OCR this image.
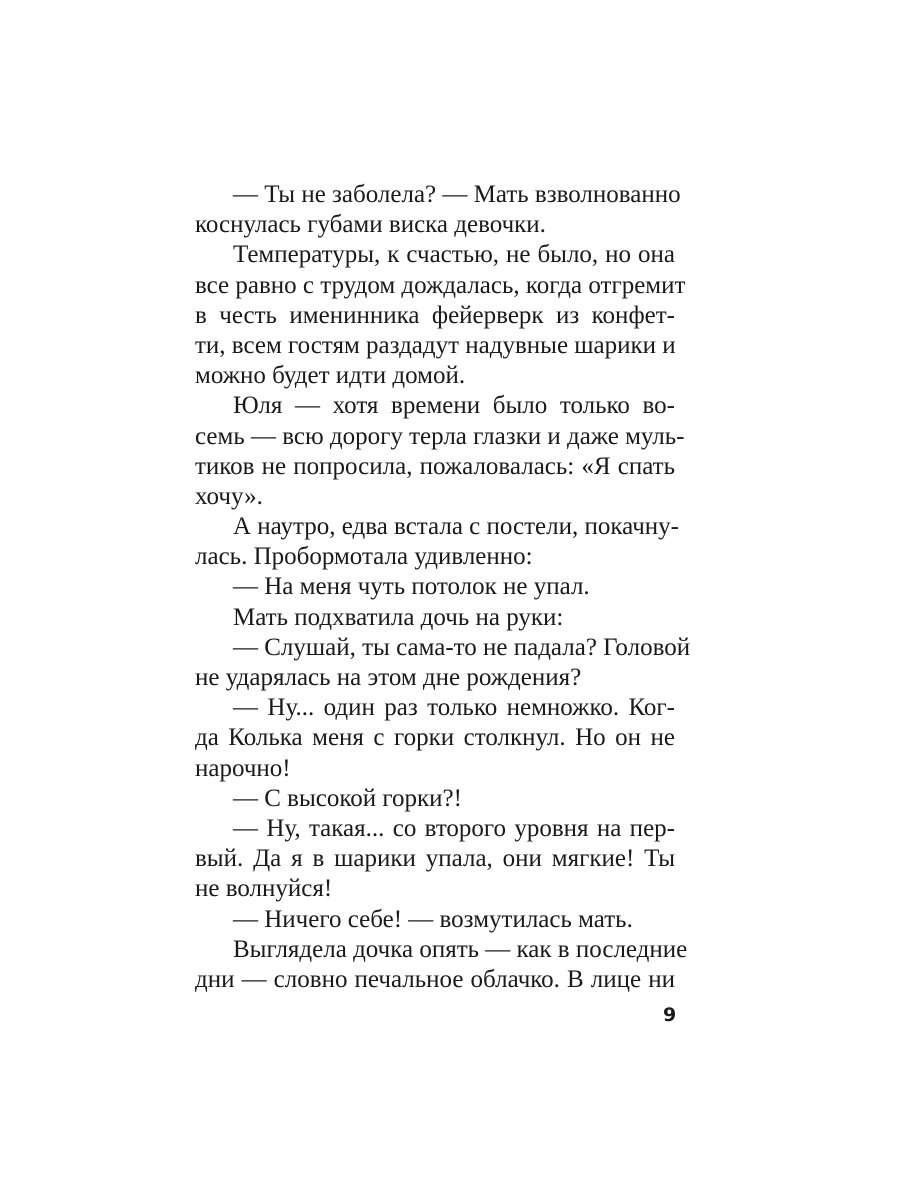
— Ты не заболела? — Мать взволнованно
коснулась губами виска девочки.
Температуры, к счастью, не было, но она
все равно с трудом дождалась, когда отгремит
в честь именинника фейерверк из конфет-
ти, всем гостям раздадут надувные шарики и
можно будет идти домой.
Юля — хотя времени было только во-
семь — всю дорогу терла глазки и даже муль-
тиков не попросила, пожаловалась: «Я спать
хочу».
А наутро, едва встала с постели, покачну-
лась. Пробормотала удивленно:
— На меня чуть потолок не упал.
Мать подхватила дочь на руки:
— Слушай, ты сама-то не падала? Головой
не ударялась на этом дне рождения?
— Ну... один раз только немножко. Ког-
да Колька меня с горки столкнул. Но он не
нарочно!
— С высокой горки?!
— Ну, такая... со второго уровня на пер-
вый. Да я в шарики упала, они мягкие! Ты
не волнуйся!
— Ничего себе! — возмутилась мать.
Выглядела дочка опять — как в последние
дни — словно печальное облачко. В лице ни
9
